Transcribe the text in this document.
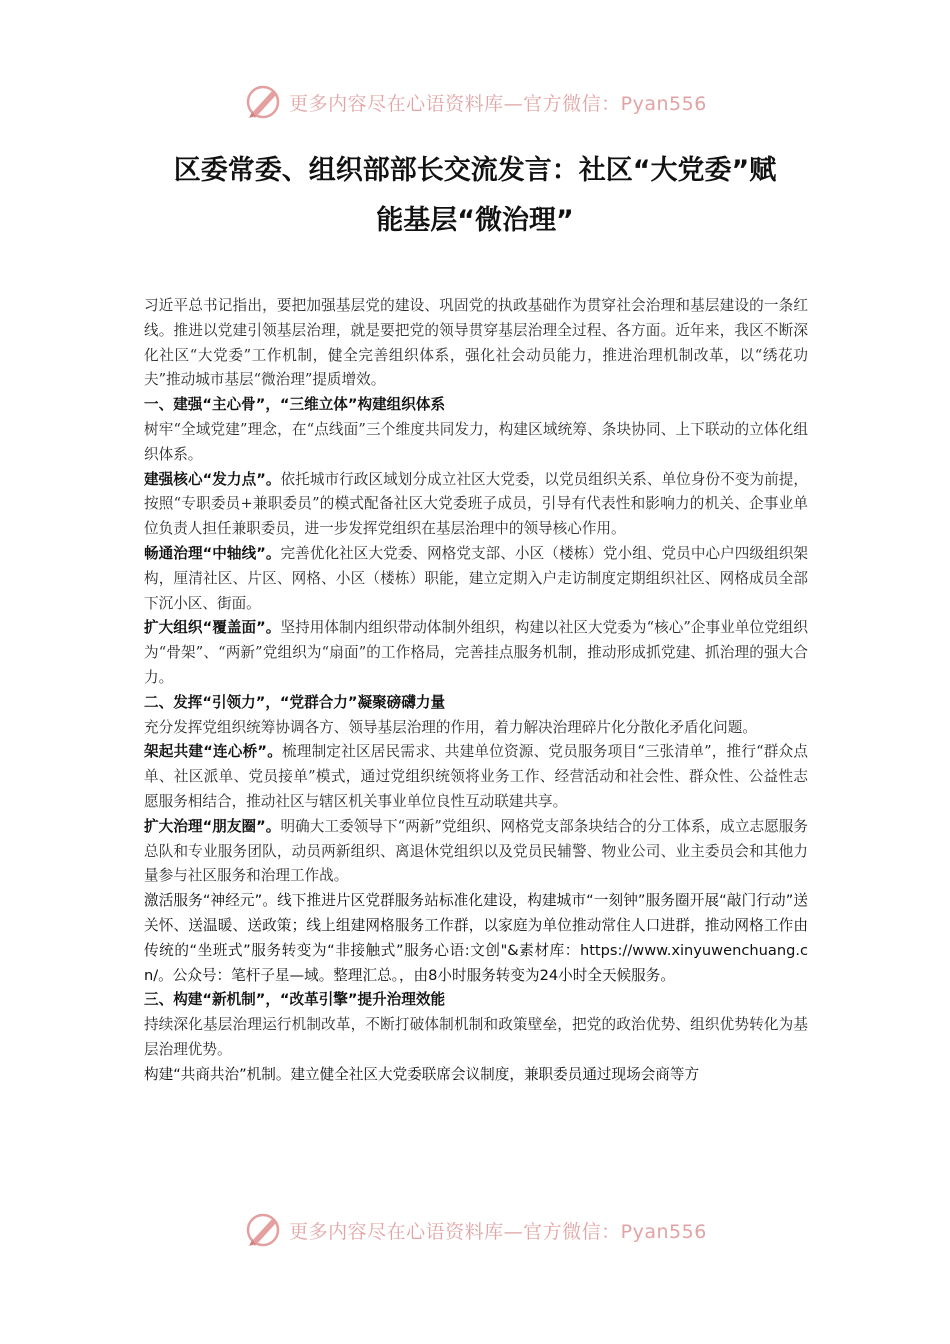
更多内容尽在心语资料库—官方微信：Pyan556
区委常委、组织部部长交流发言：社区“大党委”赋
能基层“微治理”

习近平总书记指出，要把加强基层党的建设、巩固党的执政基础作为贯穿社会治理和基层建设的一条红线。推进以党建引领基层治理，就是要把党的领导贯穿基层治理全过程、各方面。近年来，我区不断深化社区“大党委”工作机制，健全完善组织体系，强化社会动员能力，推进治理机制改革，以“绣花功夫”推动城市基层“微治理”提质增效。

一、建强“主心骨”，“三维立体”构建组织体系

树牢“全域党建”理念，在“点线面”三个维度共同发力，构建区域统筹、条块协同、上下联动的立体化组织体系。

建强核心“发力点”。依托城市行政区域划分成立社区大党委，以党员组织关系、单位身份不变为前提，按照“专职委员+兼职委员”的模式配备社区大党委班子成员，引导有代表性和影响力的机关、企事业单位负责人担任兼职委员，进一步发挥党组织在基层治理中的领导核心作用。

畅通治理“中轴线”。完善优化社区大党委、网格党支部、小区（楼栋）党小组、党员中心户四级组织架构，厘清社区、片区、网格、小区（楼栋）职能，建立定期入户走访制度定期组织社区、网格成员全部下沉小区、街面。

扩大组织“覆盖面”。坚持用体制内组织带动体制外组织，构建以社区大党委为“核心”企事业单位党组织为“骨架”、“两新”党组织为“扇面”的工作格局，完善挂点服务机制，推动形成抓党建、抓治理的强大合力。

二、发挥“引领力”，“党群合力”凝聚磅礴力量

充分发挥党组织统筹协调各方、领导基层治理的作用，着力解决治理碎片化分散化矛盾化问题。

架起共建“连心桥”。梳理制定社区居民需求、共建单位资源、党员服务项目“三张清单”，推行“群众点单、社区派单、党员接单”模式，通过党组织统领将业务工作、经营活动和社会性、群众性、公益性志愿服务相结合，推动社区与辖区机关事业单位良性互动联建共享。

扩大治理“朋友圈”。明确大工委领导下“两新”党组织、网格党支部条块结合的分工体系，成立志愿服务总队和专业服务团队，动员两新组织、离退休党组织以及党员民辅警、物业公司、业主委员会和其他力量参与社区服务和治理工作战。

激活服务“神经元”。线下推进片区党群服务站标准化建设，构建城市“一刻钟”服务圈开展“敲门行动”送关怀、送温暖、送政策；线上组建网格服务工作群，以家庭为单位推动常住人口进群，推动网格工作由传统的“坐班式”服务转变为“非接触式”服务心语:文创"&素材库：https://www.xinyuwenchuang.cn/。公众号：笔杆子星—域。整理汇总。，由8小时服务转变为24小时全天候服务。

三、构建“新机制”，“改革引擎”提升治理效能

持续深化基层治理运行机制改革，不断打破体制机制和政策壁垒，把党的政治优势、组织优势转化为基层治理优势。

构建“共商共治”机制。建立健全社区大党委联席会议制度，兼职委员通过现场会商等方

更多内容尽在心语资料库—官方微信：Pyan556
